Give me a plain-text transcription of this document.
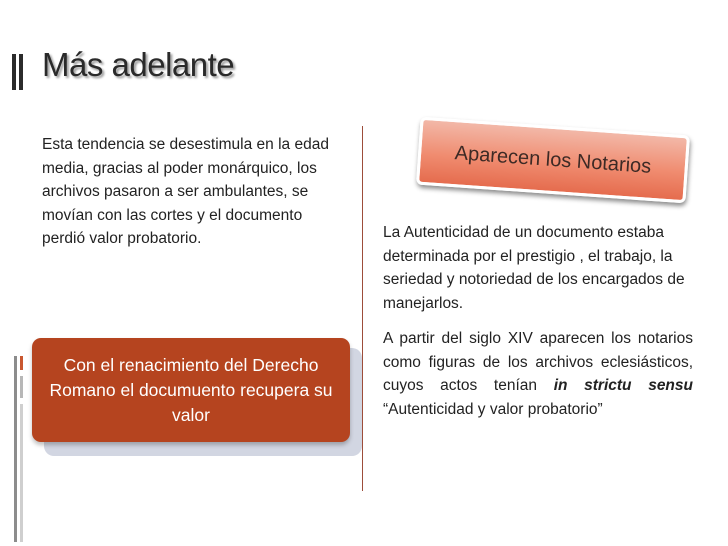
Más adelante

Esta tendencia se desestimula en la edad media, gracias al poder monárquico, los archivos pasaron a ser ambulantes, se movían con las cortes y el documento perdió valor probatorio.

Con el renacimiento del Derecho Romano el documuento recupera su valor
Aparecen los Notarios

La Autenticidad de un documento estaba determinada por el prestigio , el trabajo, la seriedad y notoriedad de los encargados de manejarlos.

A partir del siglo XIV aparecen los notarios como figuras de los archivos eclesiásticos, cuyos actos tenían in strictu sensu “Autenticidad y valor probatorio”
